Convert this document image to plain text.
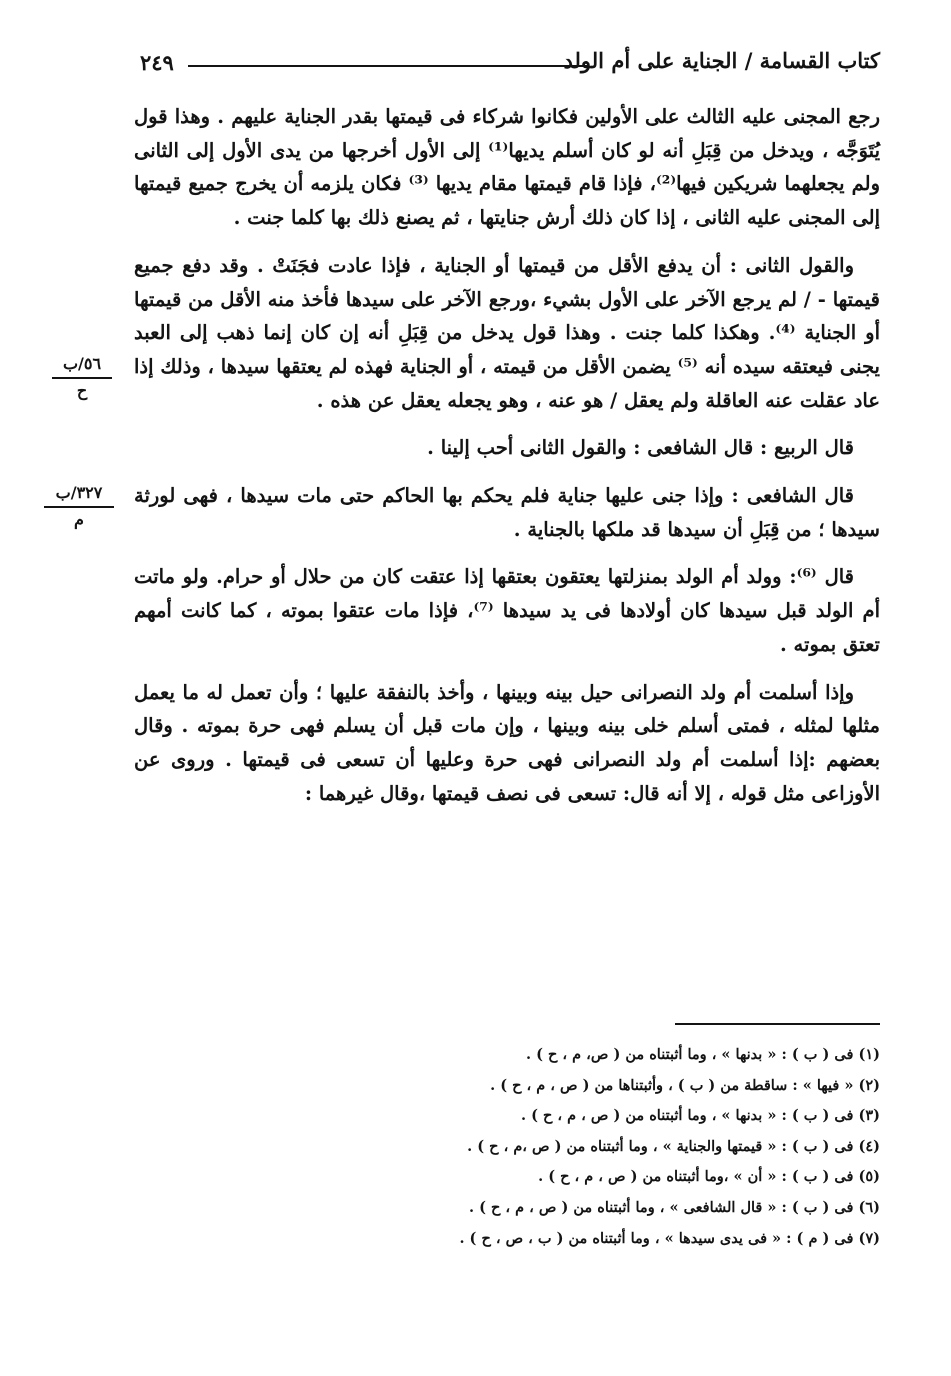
٢٤٩	كتاب القسامة / الجناية على أم الولد
٥٦/ب
ح
٣٢٧/ب
م

رجع المجنى عليه الثالث على الأولين فكانوا شركاء فى قيمتها بقدر الجناية عليهم . وهذا قول يُتَوَجَّه ، ويدخل من قِبَلِ أنه لو كان أسلم يديها⁽¹⁾ إلى الأول أخرجها من يدى الأول إلى الثانى ولم يجعلهما شريكين فيها⁽²⁾، فإذا قام قيمتها مقام يديها ⁽³⁾ فكان يلزمه أن يخرج جميع قيمتها إلى المجنى عليه الثانى ، إذا كان ذلك أرش جنايتها ، ثم يصنع ذلك بها كلما جنت .

والقول الثانى : أن يدفع الأقل من قيمتها أو الجناية ، فإذا عادت فجَنَتْ . وقد دفع جميع قيمتها - / لم يرجع الآخر على الأول بشيء ،ورجع الآخر على سيدها فأخذ منه الأقل من قيمتها أو الجناية ⁽⁴⁾. وهكذا كلما جنت . وهذا قول يدخل من قِبَلِ أنه إن كان إنما ذهب إلى العبد يجنى فيعتقه سيده أنه ⁽⁵⁾ يضمن الأقل من قيمته ، أو الجناية فهذه لم يعتقها سيدها ، وذلك إذا عاد عقلت عنه العاقلة ولم يعقل / هو عنه ، وهو يجعله يعقل عن هذه .

قال الربيع : قال الشافعى : والقول الثانى أحب إلينا .

قال الشافعى : وإذا جنى عليها جناية فلم يحكم بها الحاكم حتى مات سيدها ، فهى لورثة سيدها ؛ من قِبَلِ أن سيدها قد ملكها بالجناية .

قال ⁽⁶⁾: وولد أم الولد بمنزلتها يعتقون بعتقها إذا عتقت كان من حلال أو حرام. ولو ماتت أم الولد قبل سيدها كان أولادها فى يد سيدها ⁽⁷⁾، فإذا مات عتقوا بموته ، كما كانت أمهم تعتق بموته .

وإذا أسلمت أم ولد النصرانى حيل بينه وبينها ، وأخذ بالنفقة عليها ؛ وأن تعمل له ما يعمل مثلها لمثله ، فمتى أسلم خلى بينه وبينها ، وإن مات قبل أن يسلم فهى حرة بموته . وقال بعضهم :إذا أسلمت أم ولد النصرانى فهى حرة وعليها أن تسعى فى قيمتها . وروى عن الأوزاعى مثل قوله ، إلا أنه قال: تسعى فى نصف قيمتها ،وقال غيرهما :

(١) فى ( ب ) : « بدنها » ، وما أثبتناه من ( ص، م ، ح ) .
(٢) « فيها » : ساقطة من ( ب ) ، وأثبتناها من ( ص ، م ، ح ) .
(٣) فى ( ب ) : « بدنها » ، وما أثبتناه من ( ص ، م ، ح ) .
(٤) فى ( ب ) : « قيمتها والجناية » ، وما أثبتناه من ( ص ،م ، ح ) .
(٥) فى ( ب ) : « أن » ،وما أثبتناه من ( ص ، م ، ح ) .
(٦) فى ( ب ) : « قال الشافعى » ، وما أثبتناه من ( ص ، م ، ح ) .
(٧) فى ( م ) : « فى يدى سيدها » ، وما أثبتناه من ( ب ، ص ، ح ) .
